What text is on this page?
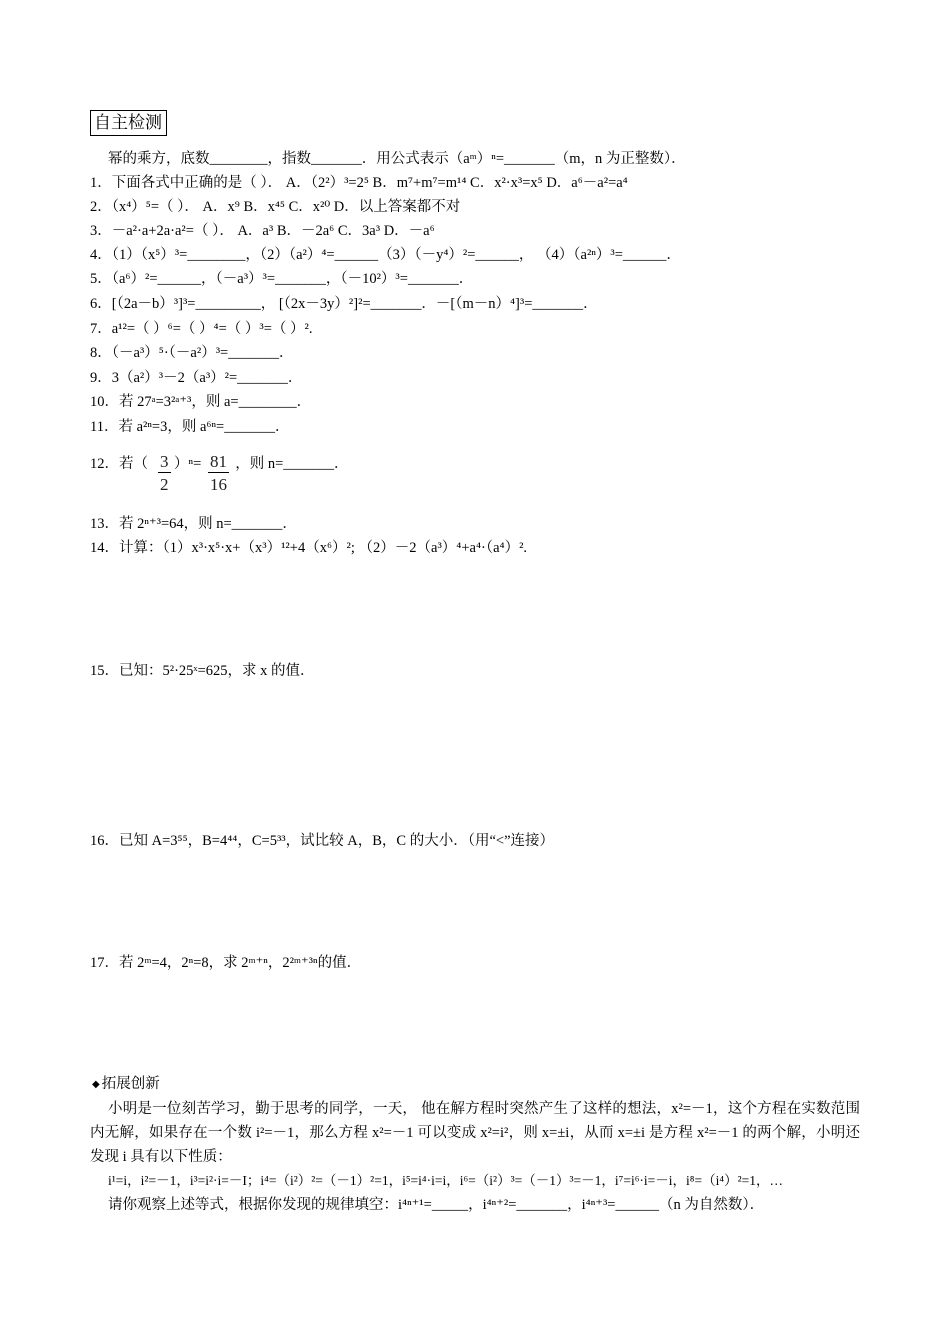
自主检测
幂的乘方，底数________，指数_______．用公式表示（aᵐ）ⁿ=_______（m，n 为正整数）．
1．下面各式中正确的是（ ）． A．（2²）³=2⁵ B．m⁷+m⁷=m¹⁴ C．x²·x³=x⁵ D．a⁶－a²=a⁴
2．（x⁴）⁵=（ ）． A．x⁹ B．x⁴⁵ C．x²⁰ D．以上答案都不对
3．－a²·a+2a·a²=（ ）． A．a³ B．－2a⁶ C．3a³ D．－a⁶
4．（1）（x⁵）³=________，（2）（a²）⁴=______（3）（－y⁴）²=______， （4）（a²ⁿ）³=______．
5．（a⁶）²=______，（－a³）³=_______，（－10²）³=_______．
6．[（2a－b）³]³=_________， [（2x－3y）²]²=_______．－[（m－n）⁴]³=_______．
7．a¹²=（ ）⁶=（ ）⁴=（ ）³=（ ）².
8．（－a³）⁵·（－a²）³=_______．
9．3（a²）³－2（a³）²=_______．
10．若 27ᵃ=3²ᵃ⁺³，则 a=________．
11．若 a²ⁿ=3，则 a⁶ⁿ=_______．
12．若（ ）ⁿ= ，则 n=_______．
$\frac{3}{2} \frac{81}{16}$
13．若 2ⁿ⁺³=64，则 n=_______．
14．计算：（1）x³·x⁵·x+（x³）¹²+4（x⁶）²; （2）－2（a³）⁴+a⁴·（a⁴）².
15．已知：5²·25ˣ=625，求 x 的值．
16．已知 A=3⁵⁵，B=4⁴⁴，C=5³³，试比较 A，B，C 的大小．（用“<”连接）
17．若 2ᵐ=4，2ⁿ=8，求 2ᵐ⁺ⁿ，2²ᵐ⁺³ⁿ的值．
◆ 拓展创新
小明是一位刻苦学习，勤于思考的同学，一天， 他在解方程时突然产生了这样的想法，x²=－1，这个方程在实数范围内无解，如果存在一个数 i²=－1，那么方程 x²=－1 可以变成 x²=i²，则 x=±i，从而 x=±i 是方程 x²=－1 的两个解，小明还发现 i 具有以下性质：
i¹=i，i²=－1，i³=i²·i=－I；i⁴=（i²）²=（－1）²=1，i⁵=i⁴·i=i，i⁶=（i²）³=（－1）³=－1，i⁷=i⁶·i=－i，i⁸=（i⁴）²=1，…
请你观察上述等式，根据你发现的规律填空：i⁴ⁿ⁺¹=_____，i⁴ⁿ⁺²=_______，i⁴ⁿ⁺³=______（n 为自然数）．
